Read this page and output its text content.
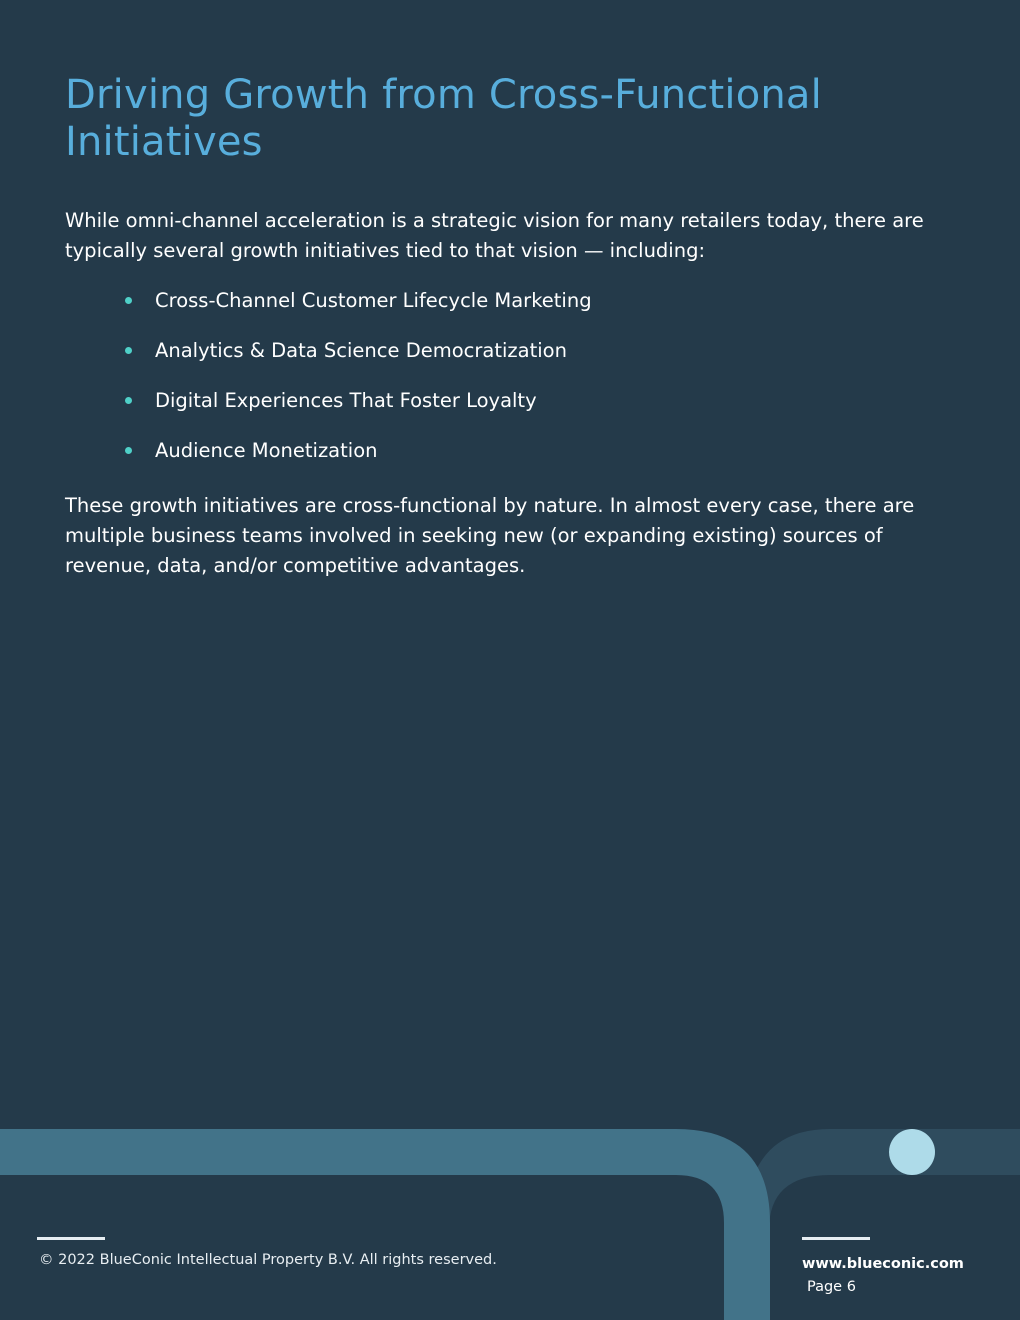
Driving Growth from Cross-Functional Initiatives

While omni-channel acceleration is a strategic vision for many retailers today, there are typically several growth initiatives tied to that vision — including:

Cross-Channel Customer Lifecycle Marketing
Analytics & Data Science Democratization
Digital Experiences That Foster Loyalty
Audience Monetization

These growth initiatives are cross-functional by nature. In almost every case, there are multiple business teams involved in seeking new (or expanding existing) sources of revenue, data, and/or competitive advantages.

© 2022 BlueConic Intellectual Property B.V. All rights reserved.	www.blueconic.com
Page 6
